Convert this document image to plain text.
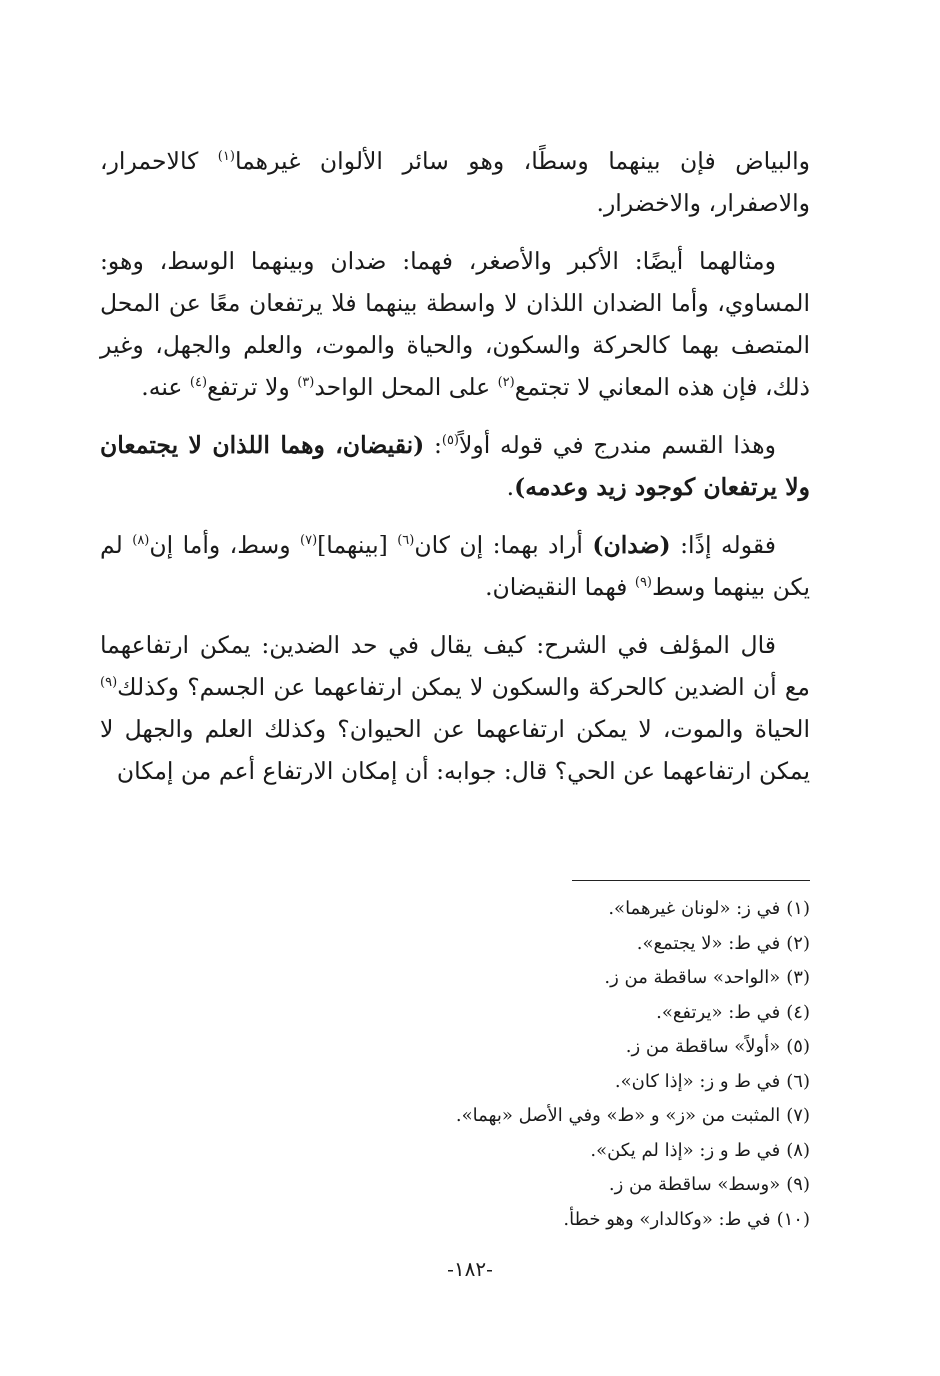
والبياض فإن بينهما وسطًا، وهو سائر الألوان غيرهما$^{(١)}$ كالاحمرار، والاصفرار، والاخضرار.

ومثالهما أيضًا: الأكبر والأصغر، فهما: ضدان وبينهما الوسط، وهو: المساوي، وأما الضدان اللذان لا واسطة بينهما فلا يرتفعان معًا عن المحل المتصف بهما كالحركة والسكون، والحياة والموت، والعلم والجهل، وغير ذلك، فإن هذه المعاني لا تجتمع$^{(٢)}$ على المحل الواحد$^{(٣)}$ ولا ترتفع$^{(٤)}$ عنه.

وهذا القسم مندرج في قوله أولاً$^{(٥)}$: (نقيضان، وهما اللذان لا يجتمعان ولا يرتفعان كوجود زيد وعدمه).

فقوله إذًا: (ضدان) أراد بهما: إن كان$^{(٦)}$ [بينهما]$^{(٧)}$ وسط، وأما إن$^{(٨)}$ لم يكن بينهما وسط$^{(٩)}$ فهما النقيضان.

قال المؤلف في الشرح: كيف يقال في حد الضدين: يمكن ارتفاعهما مع أن الضدين كالحركة والسكون لا يمكن ارتفاعهما عن الجسم؟ وكذلك$^{(٩)}$ الحياة والموت، لا يمكن ارتفاعهما عن الحيوان؟ وكذلك العلم والجهل لا يمكن ارتفاعهما عن الحي؟ قال: جوابه: أن إمكان الارتفاع أعم من إمكان

(١)في ز: «لونان غيرهما».
(٢)في ط: «لا يجتمع».
(٣)«الواحد» ساقطة من ز.
(٤)في ط: «يرتفع».
(٥)«أولاً» ساقطة من ز.
(٦)في ط و ز: «إذا كان».
(٧)المثبت من «ز» و «ط» وفي الأصل «بهما».
(٨)في ط و ز: «إذا لم يكن».
(٩)«وسط» ساقطة من ز.
(١٠)في ط: «وكالدار» وهو خطأ.
-١٨٢-
